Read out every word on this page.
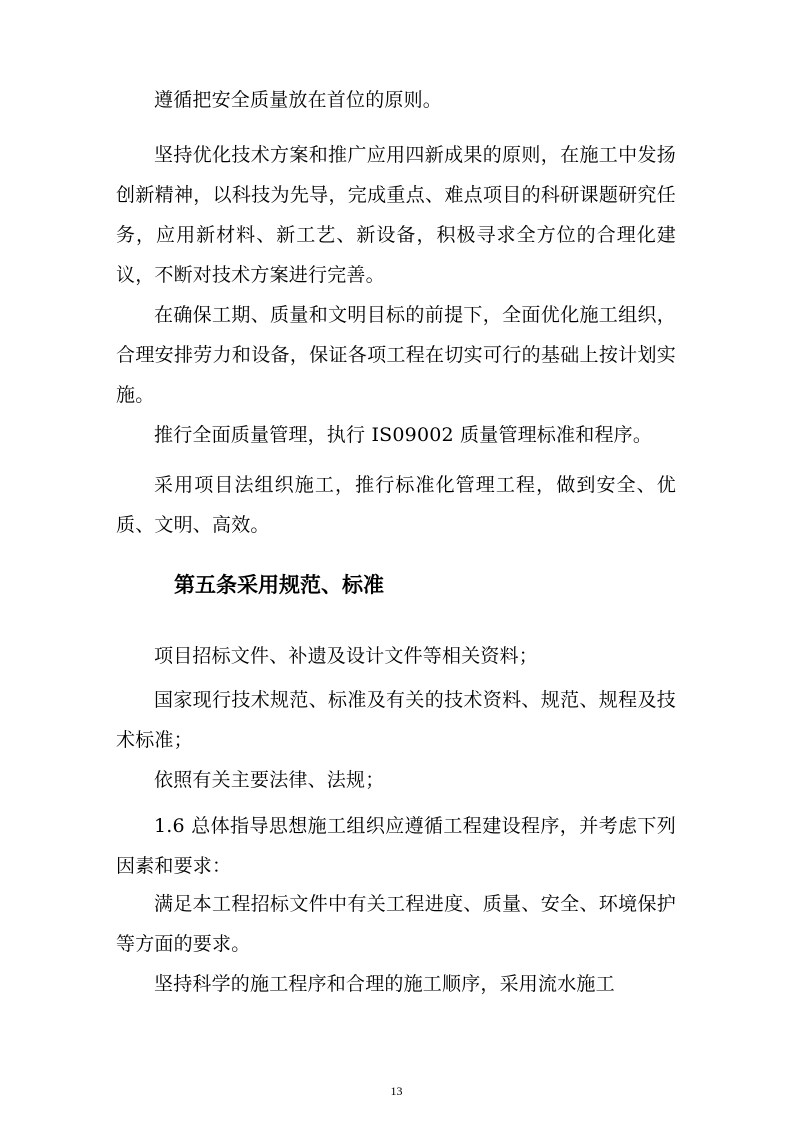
遵循把安全质量放在首位的原则。

坚持优化技术方案和推广应用四新成果的原则，在施工中发扬创新精神，以科技为先导，完成重点、难点项目的科研课题研究任务，应用新材料、新工艺、新设备，积极寻求全方位的合理化建议，不断对技术方案进行完善。

在确保工期、质量和文明目标的前提下，全面优化施工组织，合理安排劳力和设备，保证各项工程在切实可行的基础上按计划实施。

推行全面质量管理，执行 IS09002 质量管理标准和程序。

采用项目法组织施工，推行标准化管理工程，做到安全、优质、文明、高效。

第五条采用规范、标准

项目招标文件、补遗及设计文件等相关资料；

国家现行技术规范、标准及有关的技术资料、规范、规程及技术标准；

依照有关主要法律、法规；

1.6 总体指导思想施工组织应遵循工程建设程序，并考虑下列因素和要求：

满足本工程招标文件中有关工程进度、质量、安全、环境保护等方面的要求。

坚持科学的施工程序和合理的施工顺序，采用流水施工

13
